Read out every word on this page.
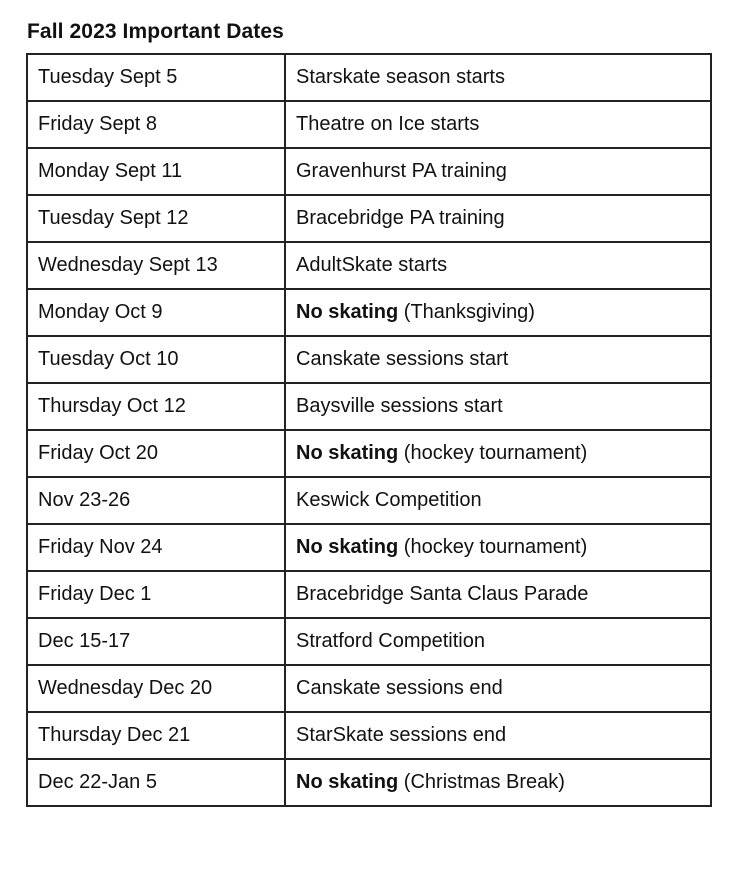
Fall 2023 Important Dates
Tuesday Sept 5	Starskate season starts
Friday Sept 8	Theatre on Ice starts
Monday Sept 11	Gravenhurst PA training
Tuesday Sept 12	Bracebridge PA training
Wednesday Sept 13	AdultSkate starts
Monday Oct 9	No skating (Thanksgiving)
Tuesday Oct 10	Canskate sessions start
Thursday Oct 12	Baysville sessions start
Friday Oct 20	No skating (hockey tournament)
Nov 23-26	Keswick Competition
Friday Nov 24	No skating (hockey tournament)
Friday Dec 1	Bracebridge Santa Claus Parade
Dec 15-17	Stratford Competition
Wednesday Dec 20	Canskate sessions end
Thursday Dec 21	StarSkate sessions end
Dec 22-Jan 5	No skating (Christmas Break)
